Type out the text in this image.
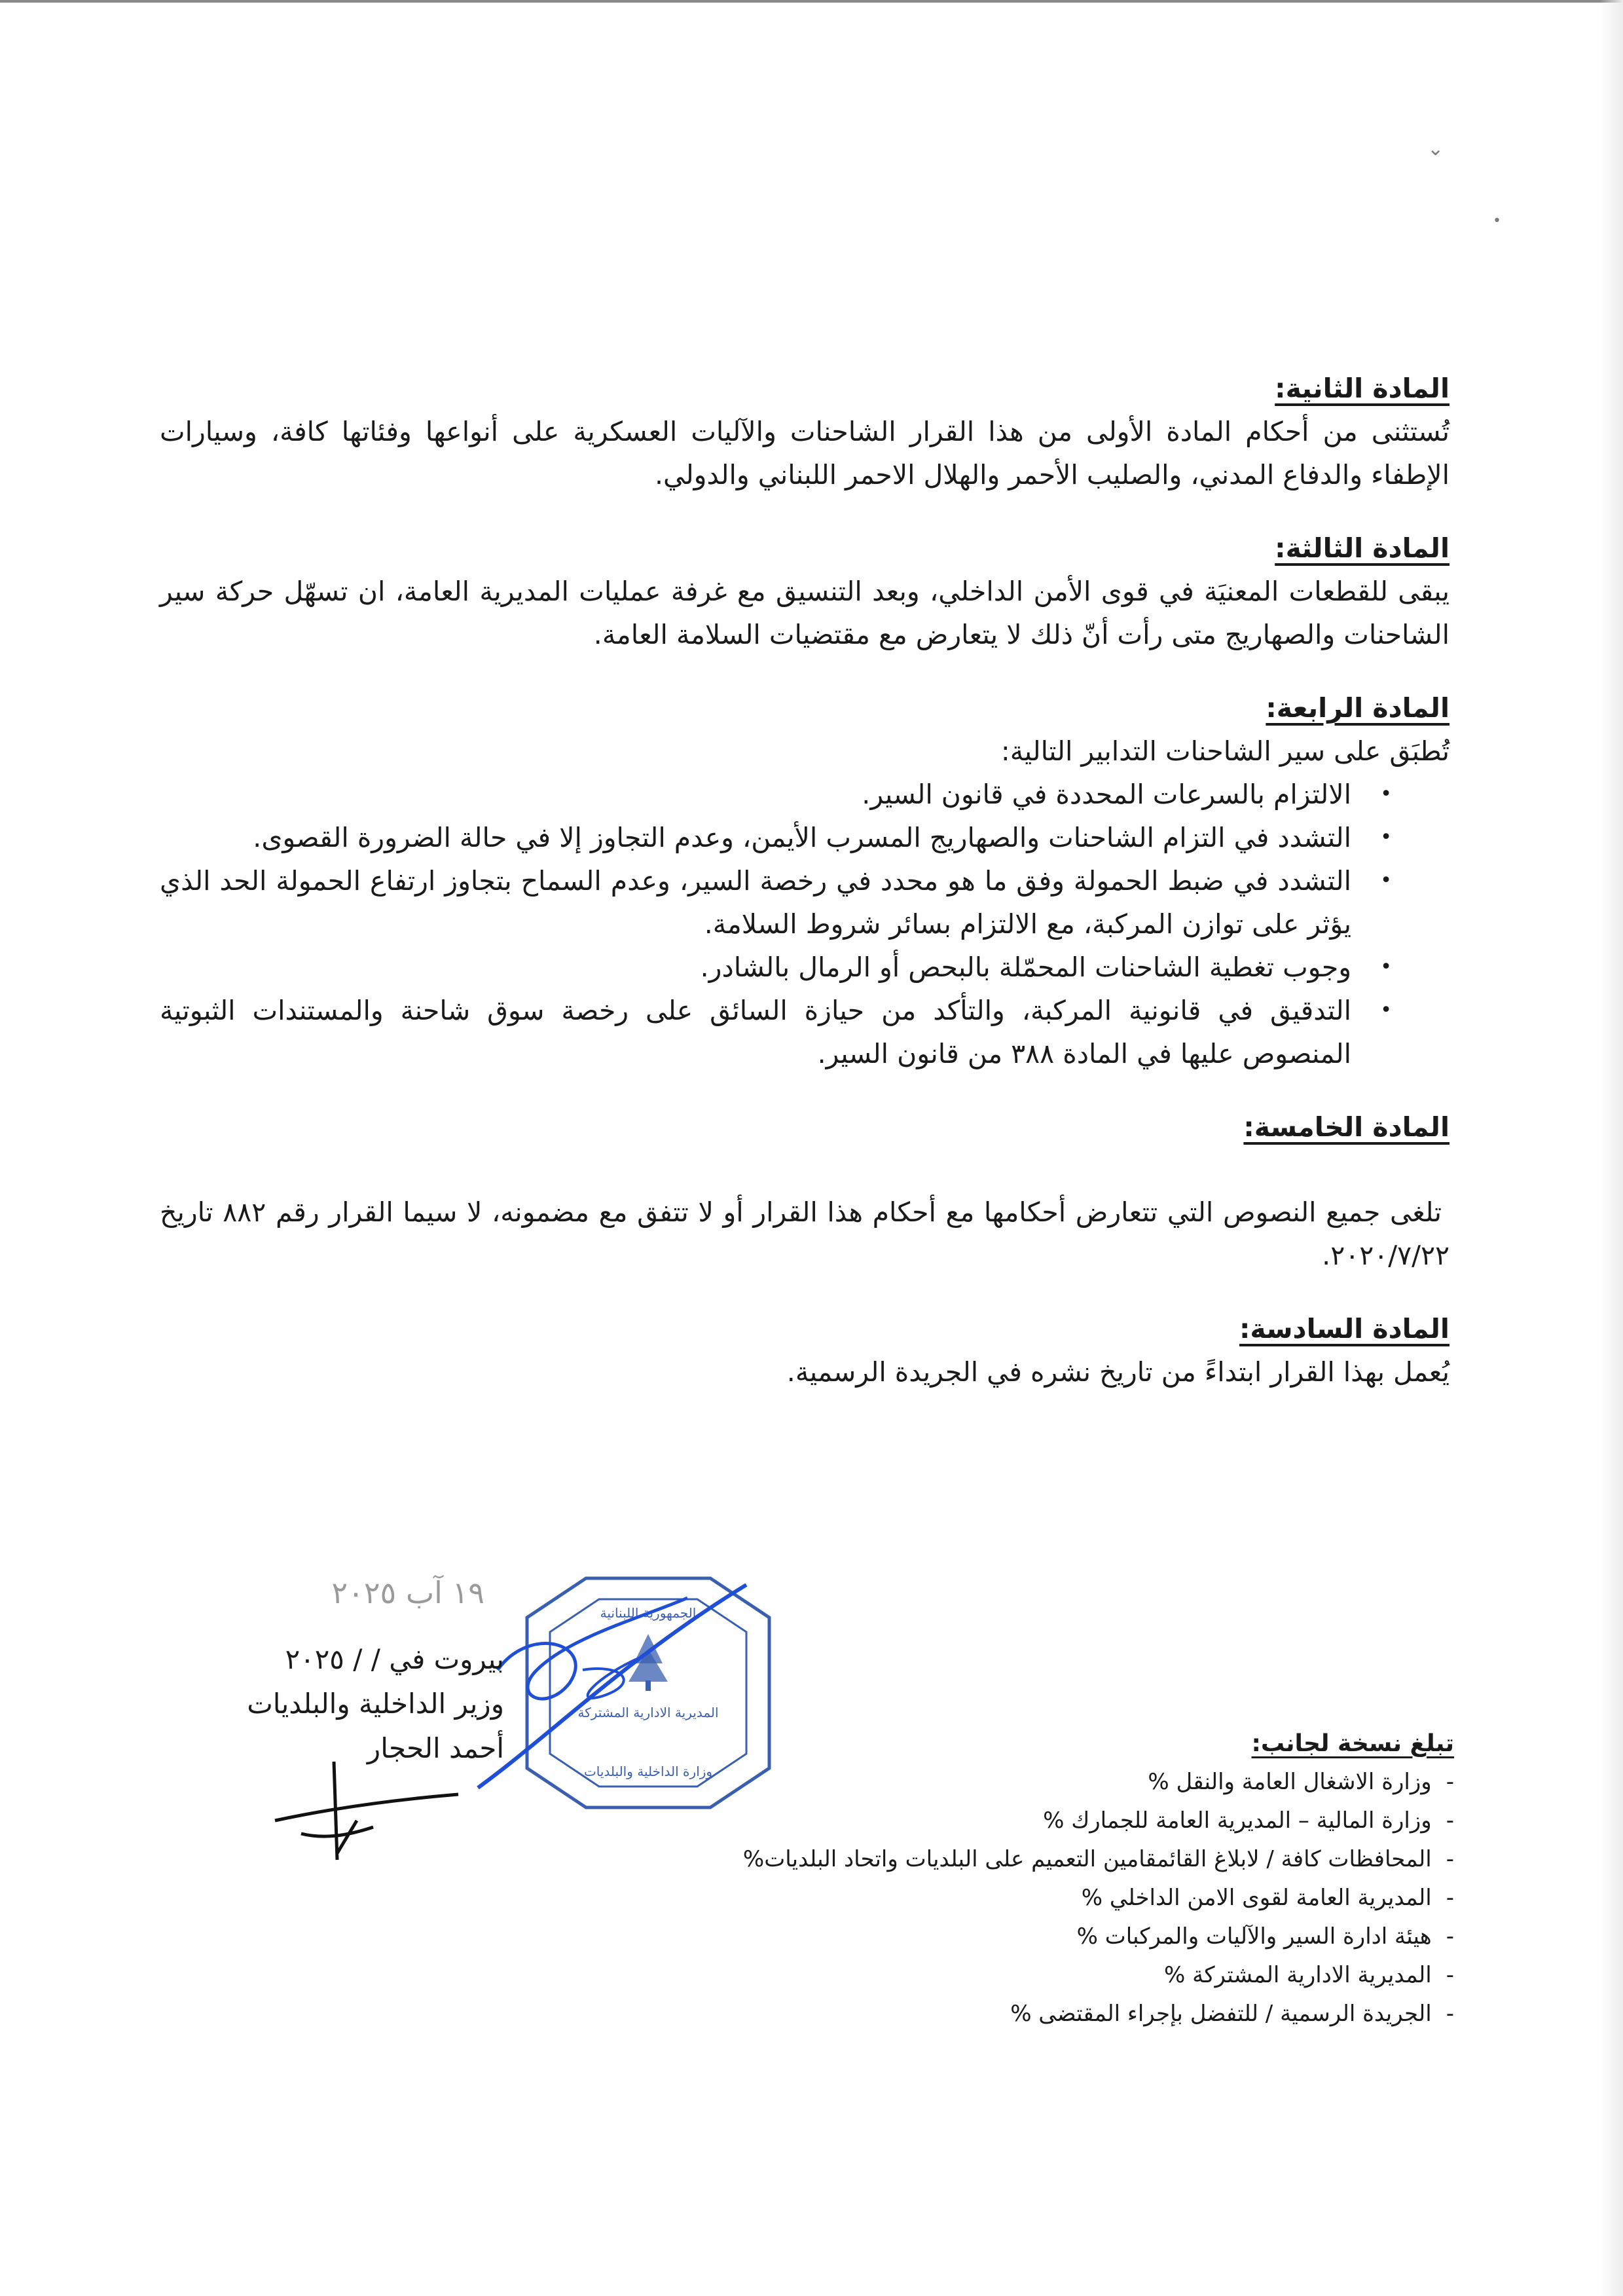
⌄
•
المادة الثانية:

تُستثنى من أحكام المادة الأولى من هذا القرار الشاحنات والآليات العسكرية على أنواعها وفئاتها كافة، وسيارات الإطفاء والدفاع المدني، والصليب الأحمر والهلال الاحمر اللبناني والدولي.

المادة الثالثة:

يبقى للقطعات المعنيَة في قوى الأمن الداخلي، وبعد التنسيق مع غرفة عمليات المديرية العامة، ان تسهّل حركة سير الشاحنات والصهاريج متى رأت أنّ ذلك لا يتعارض مع مقتضيات السلامة العامة.

المادة الرابعة:

تُطبَق على سير الشاحنات التدابير التالية:

•
الالتزام بالسرعات المحددة في قانون السير.
•
التشدد في التزام الشاحنات والصهاريج المسرب الأيمن، وعدم التجاوز إلا في حالة الضرورة القصوى.
•
التشدد في ضبط الحمولة وفق ما هو محدد في رخصة السير، وعدم السماح بتجاوز ارتفاع الحمولة الحد الذي يؤثر على توازن المركبة، مع الالتزام بسائر شروط السلامة.
•
وجوب تغطية الشاحنات المحمّلة بالبحص أو الرمال بالشادر.
•
التدقيق في قانونية المركبة، والتأكد من حيازة السائق على رخصة سوق شاحنة والمستندات الثبوتية المنصوص عليها في المادة ٣٨٨ من قانون السير.
المادة الخامسة:

تلغى جميع النصوص التي تتعارض أحكامها مع أحكام هذا القرار أو لا تتفق مع مضمونه، لا سيما القرار رقم ٨٨٢ تاريخ ٢٠٢٠/٧/٢٢.

المادة السادسة:

يُعمل بهذا القرار ابتداءً من تاريخ نشره في الجريدة الرسمية.

١٩ آب ٢٠٢٥
الجمهورية اللبنانية
المديرية الادارية المشتركة
وزارة الداخلية والبلديات
بيروت في / / ٢٠٢٥
وزير الداخلية والبلديات
أحمد الحجار	تبلغ نسخة لجانب:
-وزارة الاشغال العامة والنقل %
-وزارة المالية – المديرية العامة للجمارك %
-المحافظات كافة / لابلاغ القائمقامين التعميم على البلديات واتحاد البلديات%
-المديرية العامة لقوى الامن الداخلي %
-هيئة ادارة السير والآليات والمركبات %
-المديرية الادارية المشتركة %
-الجريدة الرسمية / للتفضل بإجراء المقتضى %
